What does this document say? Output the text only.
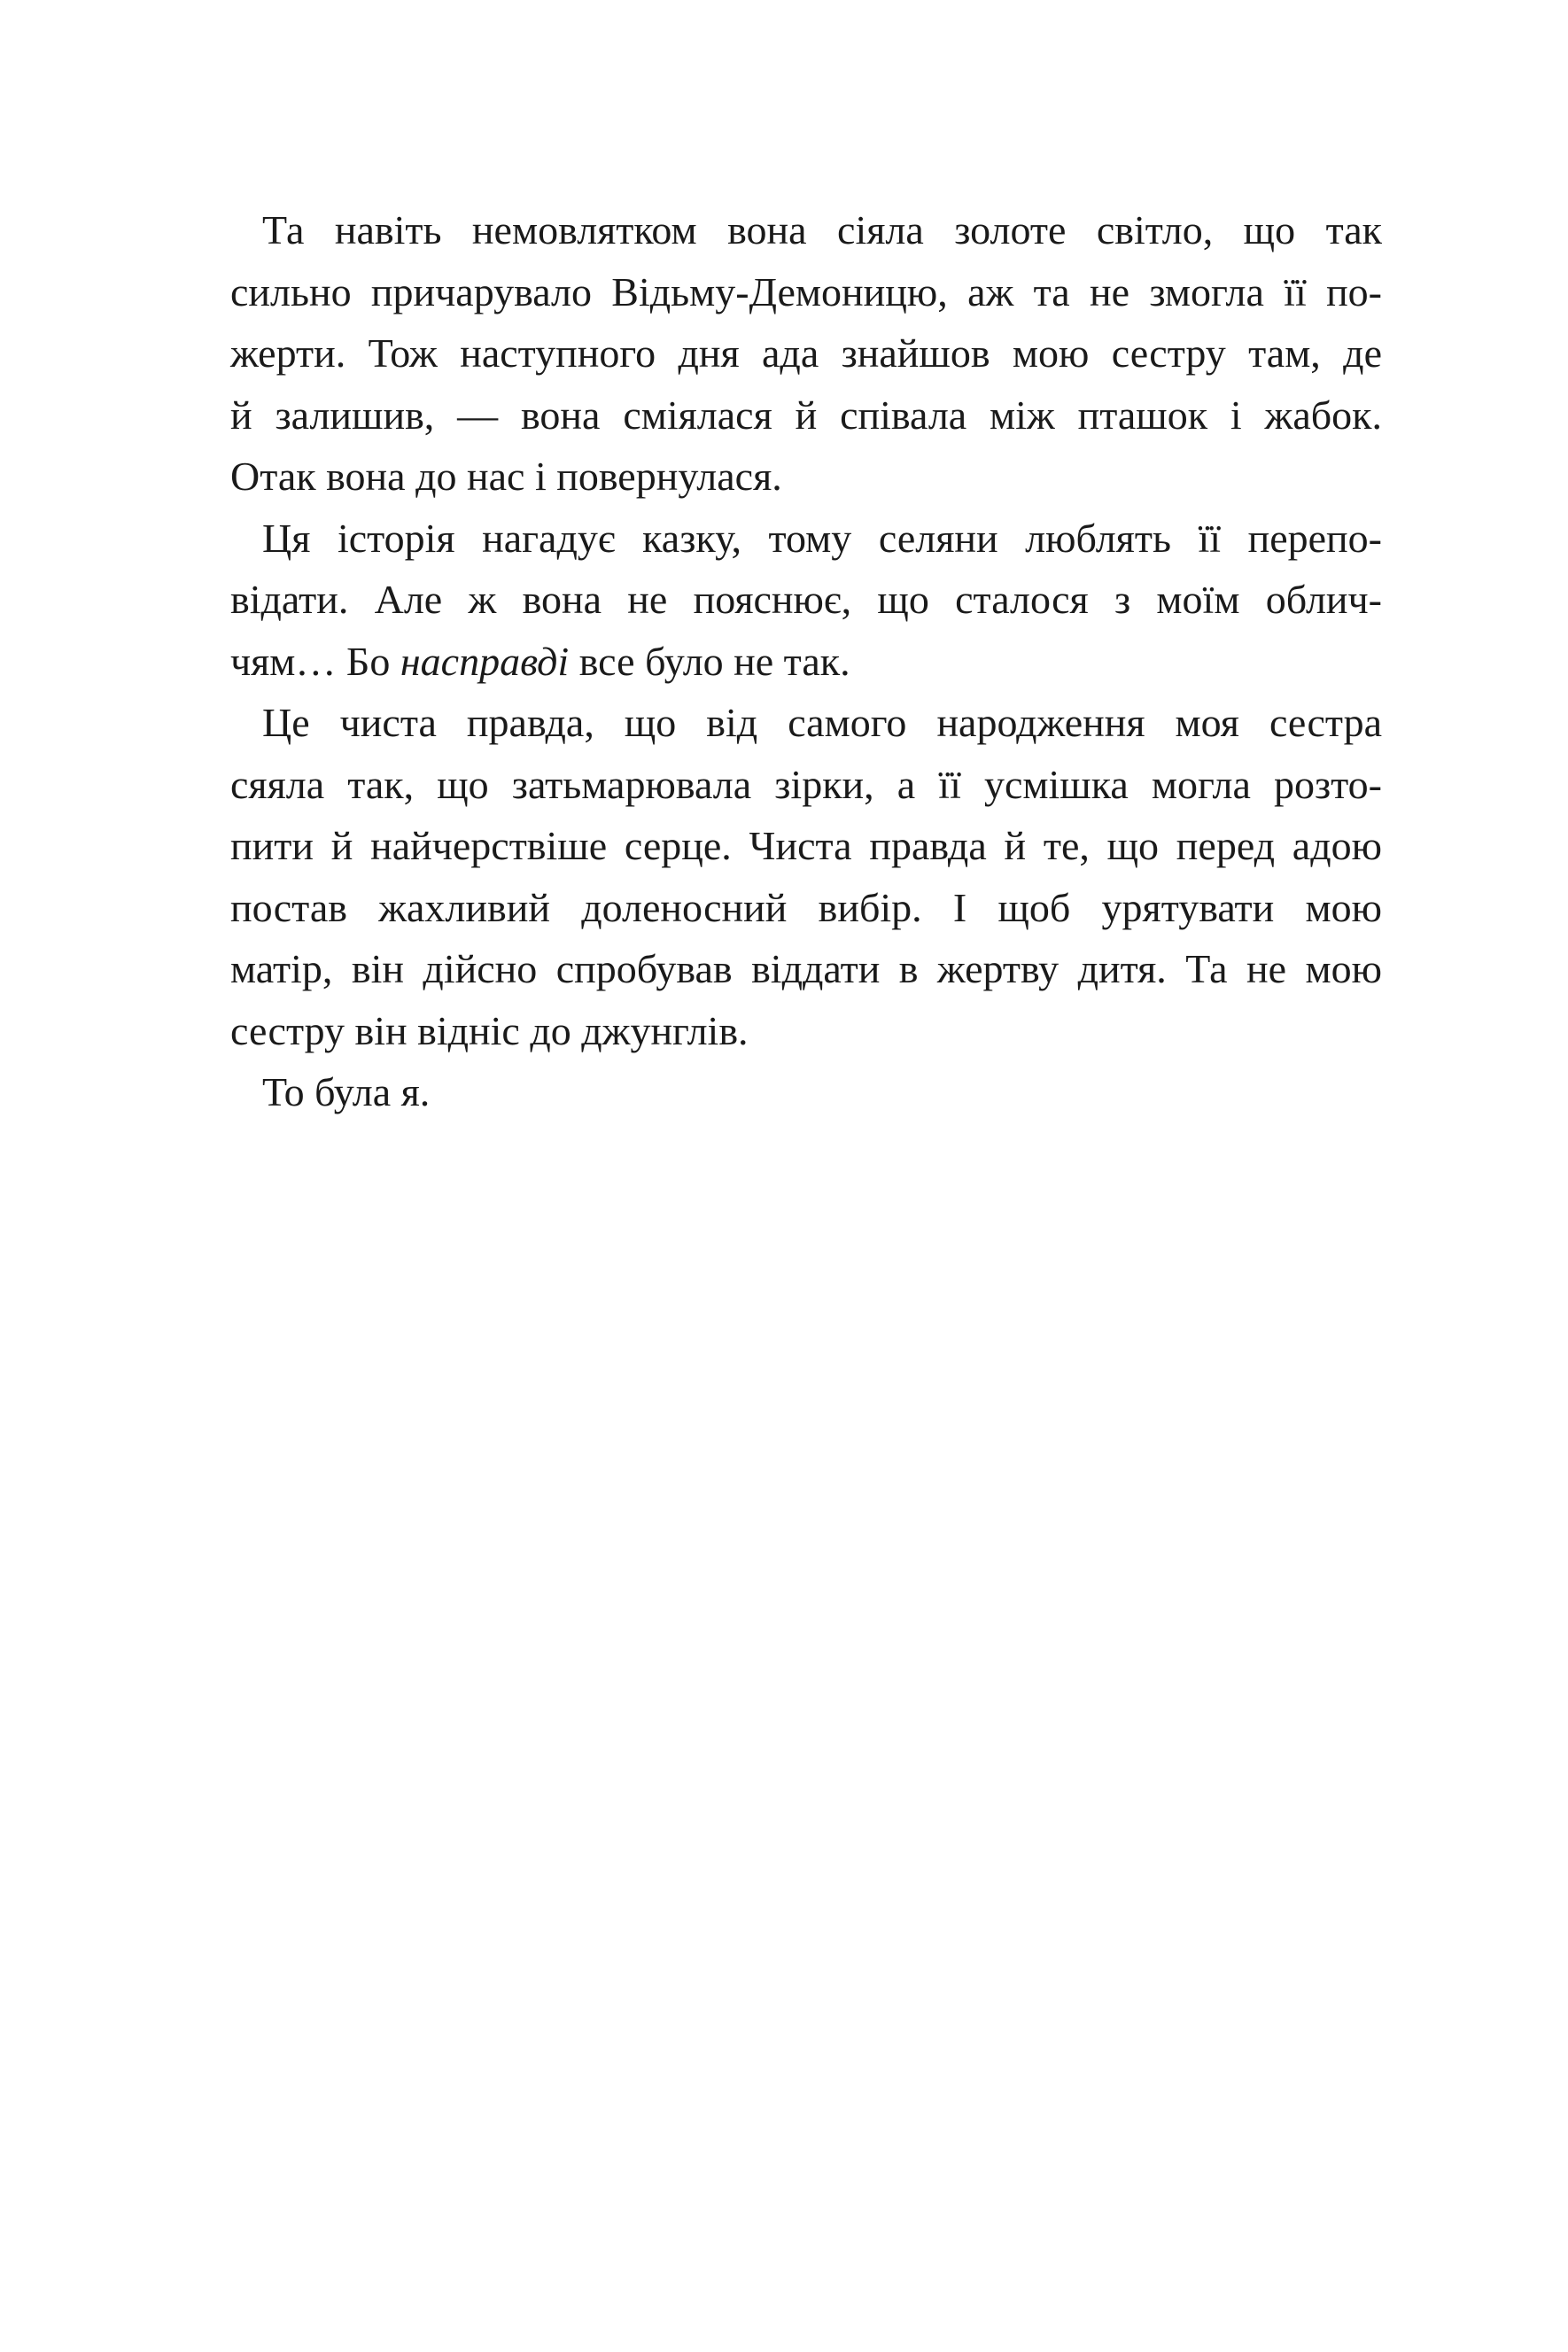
Та навіть немовлятком вона сіяла золоте світло, що так
сильно причарувало Відьму-Демоницю, аж та не змогла її по-
жерти. Тож наступного дня ада знайшов мою сестру там, де
й залишив, — вона сміялася й співала між пташок і жабок.
Отак вона до нас і повернулася.

Ця історія нагадує казку, тому селяни люблять її перепо-
відати. Але ж вона не пояснює, що сталося з моїм облич-
чям… Бо насправді все було не так.

Це чиста правда, що від самого народження моя сестра
сяяла так, що затьмарювала зірки, а її усмішка могла розто-
пити й найчерствіше серце. Чиста правда й те, що перед адою
постав жахливий доленосний вибір. І щоб урятувати мою
матір, він дійсно спробував віддати в жертву дитя. Та не мою
сестру він відніс до джунглів.

То була я.
